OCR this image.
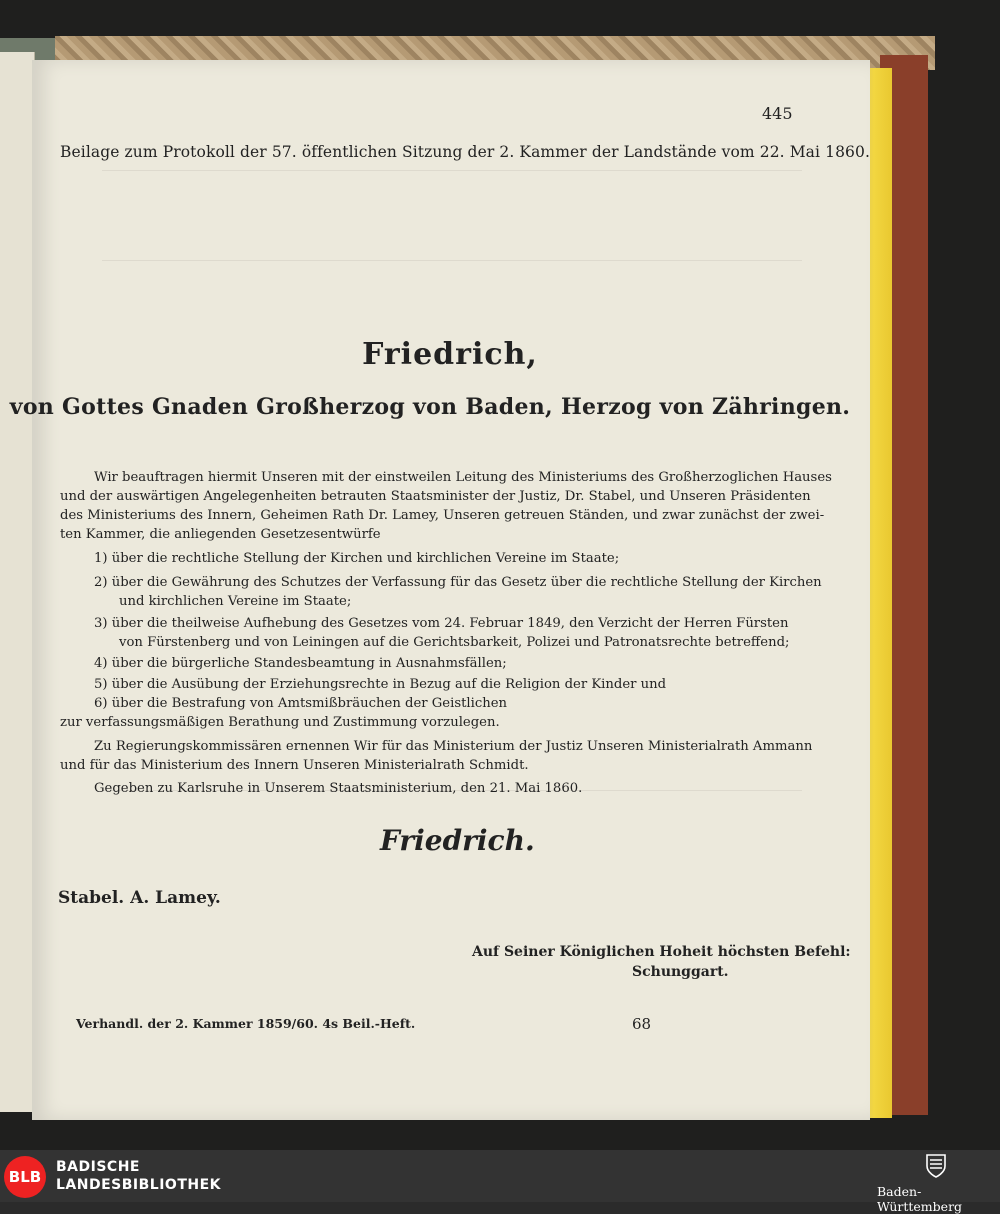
445
Beilage zum Protokoll der 57. öffentlichen Sitzung der 2. Kammer der Landstände vom 22. Mai 1860.
Friedrich,
von Gottes Gnaden Großherzog von Baden, Herzog von Zähringen.
Wir beauftragen hiermit Unseren mit der einstweilen Leitung des Ministeriums des Großherzoglichen Hauses
und der auswärtigen Angelegenheiten betrauten Staatsminister der Justiz, Dr. Stabel, und Unseren Präsidenten
des Ministeriums des Innern, Geheimen Rath Dr. Lamey, Unseren getreuen Ständen, und zwar zunächst der zwei-
ten Kammer, die anliegenden Gesetzesentwürfe
1) über die rechtliche Stellung der Kirchen und kirchlichen Vereine im Staate;
2) über die Gewährung des Schutzes der Verfassung für das Gesetz über die rechtliche Stellung der Kirchen
und kirchlichen Vereine im Staate;
3) über die theilweise Aufhebung des Gesetzes vom 24. Februar 1849, den Verzicht der Herren Fürsten
von Fürstenberg und von Leiningen auf die Gerichtsbarkeit, Polizei und Patronatsrechte betreffend;
4) über die bürgerliche Standesbeamtung in Ausnahmsfällen;
5) über die Ausübung der Erziehungsrechte in Bezug auf die Religion der Kinder und
6) über die Bestrafung von Amtsmißbräuchen der Geistlichen
zur verfassungsmäßigen Berathung und Zustimmung vorzulegen.
Zu Regierungskommissären ernennen Wir für das Ministerium der Justiz Unseren Ministerialrath Ammann
und für das Ministerium des Innern Unseren Ministerialrath Schmidt.
Gegeben zu Karlsruhe in Unserem Staatsministerium, den 21. Mai 1860.
Friedrich.
Stabel. A. Lamey.
Auf Seiner Königlichen Hoheit höchsten Befehl:
Schunggart.
Verhandl. der 2. Kammer 1859/60. 4s Beil.-Heft.	68
BLB
BADISCHE
LANDESBIBLIOTHEK	Baden-Württemberg
